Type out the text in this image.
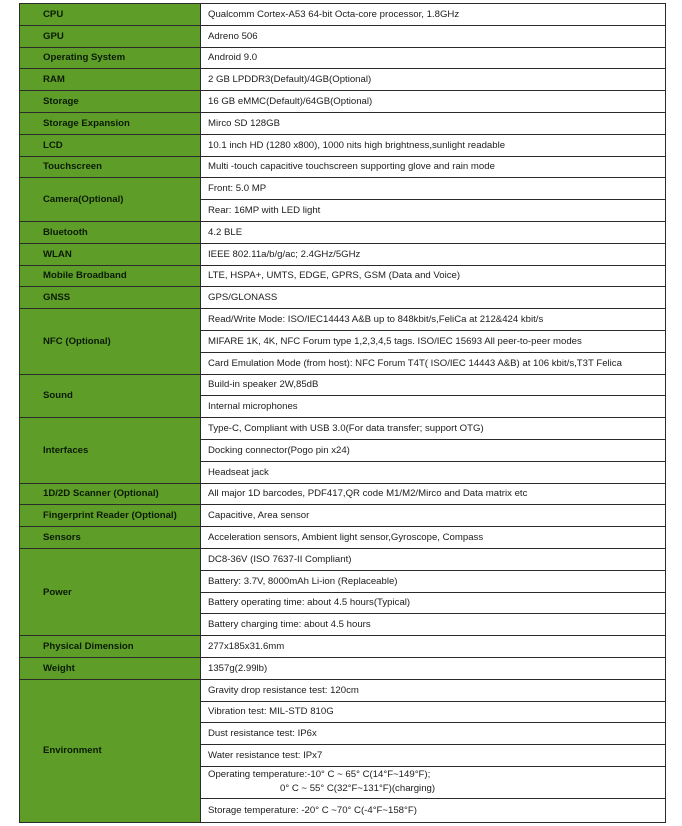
CPU	Qualcomm Cortex-A53 64-bit Octa-core processor, 1.8GHz
GPU	Adreno 506
Operating System	Android 9.0
RAM	2 GB LPDDR3(Default)/4GB(Optional)
Storage	16 GB eMMC(Default)/64GB(Optional)
Storage Expansion	Mirco SD 128GB
LCD	10.1 inch HD (1280 x800), 1000 nits high brightness,sunlight readable
Touchscreen	Multi -touch capacitive touchscreen supporting glove and rain mode
Camera(Optional)	Front: 5.0 MP
	Rear: 16MP with LED light
Bluetooth	4.2 BLE
WLAN	IEEE 802.11a/b/g/ac; 2.4GHz/5GHz
Mobile Broadband	LTE, HSPA+, UMTS, EDGE, GPRS, GSM (Data and Voice)
GNSS	GPS/GLONASS
NFC (Optional)	Read/Write Mode: ISO/IEC14443 A&B up to 848kbit/s,FeliCa at 212&424 kbit/s
	MIFARE 1K, 4K, NFC Forum type 1,2,3,4,5 tags. ISO/IEC 15693 All peer-to-peer modes
	Card Emulation Mode (from host): NFC Forum T4T( ISO/IEC 14443 A&B) at 106 kbit/s,T3T Felica
Sound	Build-in speaker 2W,85dB
	Internal microphones
Interfaces	Type-C, Compliant with USB 3.0(For data transfer; support OTG)
	Docking connector(Pogo pin x24)
	Headseat jack
1D/2D Scanner (Optional)	All major 1D barcodes, PDF417,QR code M1/M2/Mirco and Data matrix etc
Fingerprint Reader (Optional)	Capacitive, Area sensor
Sensors	Acceleration sensors, Ambient light sensor,Gyroscope, Compass
Power	DC8-36V (ISO 7637-II Compliant)
	Battery: 3.7V, 8000mAh Li-ion (Replaceable)
	Battery operating time: about 4.5 hours(Typical)
	Battery charging time: about 4.5 hours
Physical Dimension	277x185x31.6mm
Weight	1357g(2.99lb)
Environment	Gravity drop resistance test: 120cm
	Vibration test: MIL-STD 810G
	Dust resistance test: IP6x
	Water resistance test: IPx7

	Operating temperature:-10° C ~ 65° C(14°F~149°F);
0° C ~ 55° C(32°F~131°F)(charging)

	Storage temperature: -20° C ~70° C(-4°F~158°F)
